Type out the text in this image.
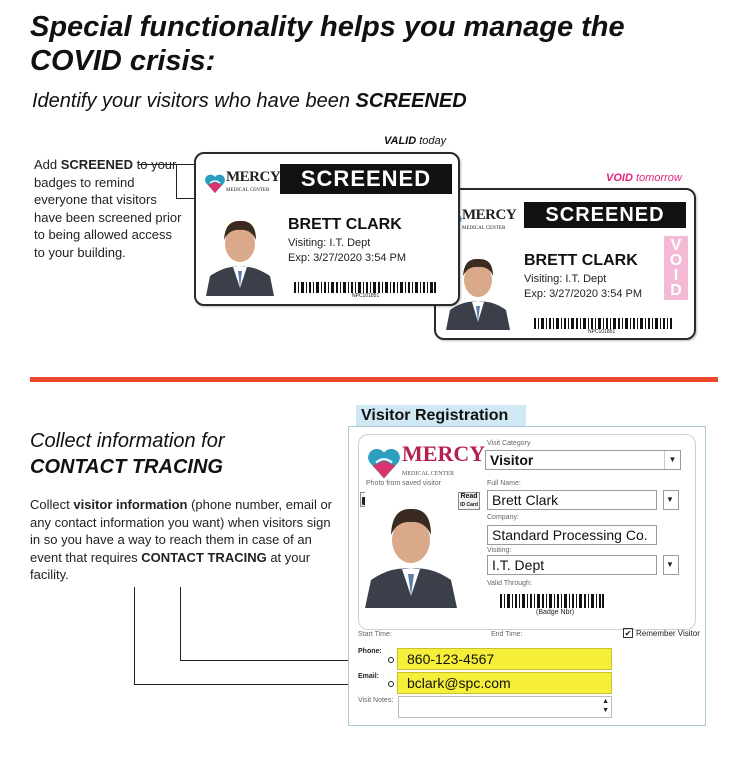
Special functionality helps you manage the COVID crisis:
Identify your visitors who have been SCREENED
Add SCREENED to your badges to remind everyone that visitors have been screened prior to being allowed access to your building.
VALID today
VOID tomorrow
MERCY
MEDICAL CENTER
SCREENED
BRETT CLARK
Visiting: I.T. Dept
Exp: 3/27/2020 3:54 PM
NPC101851
V
O
I
D
MERCY
MEDICAL CENTER	SCREENED
BRETT CLARK
Visiting: I.T. Dept
Exp: 3/27/2020 3:54 PM
NPC101851
Collect information for
CONTACT TRACING
Collect visitor information (phone number, email or any contact information you want) when visitors sign in so you have a way to reach them in case of an event that requires CONTACT TRACING at your facility.
Visitor Registration
MERCY
MEDICAL CENTER
Photo from saved visitor
Read
ID Card
Visit Category
Visitor	▼
Full Name:
Brett Clark	▼
Company:
Standard Processing Co.
Visiting:
I.T. Dept	▼
Valid Through:
(Badge Nbr)
Start Time:	End Time:	✔ Remember Visitor
Phone:	860-123-4567
Email:	bclark@spc.com
Visit Notes:	▲
▼
